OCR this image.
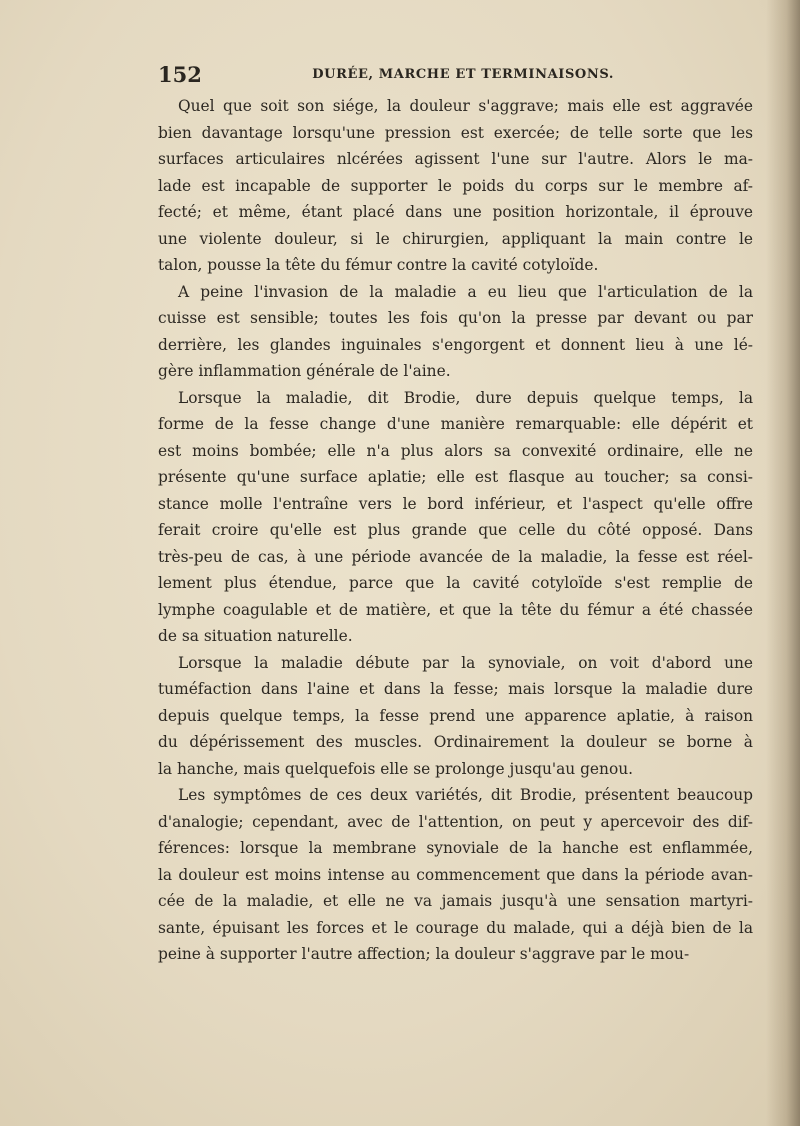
152	DURÉE, MARCHE ET TERMINAISONS.
Quel que soit son siége, la douleur s'aggrave; mais elle est aggravée
bien davantage lorsqu'une pression est exercée; de telle sorte que les
surfaces articulaires nlcérées agissent l'une sur l'autre. Alors le ma-
lade est incapable de supporter le poids du corps sur le membre af-
fecté; et même, étant placé dans une position horizontale, il éprouve
une violente douleur, si le chirurgien, appliquant la main contre le
talon, pousse la tête du fémur contre la cavité cotyloïde.
A peine l'invasion de la maladie a eu lieu que l'articulation de la
cuisse est sensible; toutes les fois qu'on la presse par devant ou par
derrière, les glandes inguinales s'engorgent et donnent lieu à une lé-
gère inflammation générale de l'aine.
Lorsque la maladie, dit Brodie, dure depuis quelque temps, la
forme de la fesse change d'une manière remarquable: elle dépérit et
est moins bombée; elle n'a plus alors sa convexité ordinaire, elle ne
présente qu'une surface aplatie; elle est flasque au toucher; sa consi-
stance molle l'entraîne vers le bord inférieur, et l'aspect qu'elle offre
ferait croire qu'elle est plus grande que celle du côté opposé. Dans
très-peu de cas, à une période avancée de la maladie, la fesse est réel-
lement plus étendue, parce que la cavité cotyloïde s'est remplie de
lymphe coagulable et de matière, et que la tête du fémur a été chassée
de sa situation naturelle.
Lorsque la maladie débute par la synoviale, on voit d'abord une
tuméfaction dans l'aine et dans la fesse; mais lorsque la maladie dure
depuis quelque temps, la fesse prend une apparence aplatie, à raison
du dépérissement des muscles. Ordinairement la douleur se borne à
la hanche, mais quelquefois elle se prolonge jusqu'au genou.
Les symptômes de ces deux variétés, dit Brodie, présentent beaucoup
d'analogie; cependant, avec de l'attention, on peut y apercevoir des dif-
férences: lorsque la membrane synoviale de la hanche est enflammée,
la douleur est moins intense au commencement que dans la période avan-
cée de la maladie, et elle ne va jamais jusqu'à une sensation martyri-
sante, épuisant les forces et le courage du malade, qui a déjà bien de la
peine à supporter l'autre affection; la douleur s'aggrave par le mou-
